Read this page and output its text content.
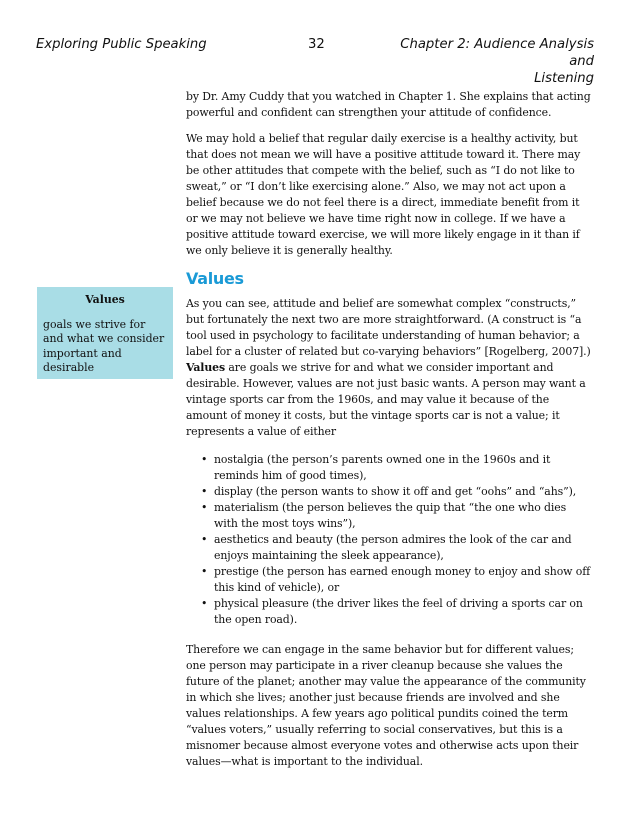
Exploring Public Speaking	32	Chapter 2: Audience Analysis and
Listening
Values
goals we strive for and what we consider important and desirable

by Dr. Amy Cuddy that you watched in Chapter 1. She explains that acting powerful and confident can strengthen your attitude of confidence.

We may hold a belief that regular daily exercise is a healthy activity, but that does not mean we will have a positive attitude toward it. There may be other attitudes that compete with the belief, such as “I do not like to sweat,” or “I don’t like exercising alone.” Also, we may not act upon a belief because we do not feel there is a direct, immediate benefit from it or we may not believe we have time right now in college. If we have a positive attitude toward exercise, we will more likely engage in it than if we only believe it is generally healthy.

Values

As you can see, attitude and belief are somewhat complex “constructs,” but fortunately the next two are more straightforward. (A construct is “a tool used in psychology to facilitate understanding of human behavior; a label for a cluster of related but co-varying behaviors” [Rogelberg, 2007].) Values are goals we strive for and what we consider important and desirable. However, values are not just basic wants. A person may want a vintage sports car from the 1960s, and may value it because of the amount of money it costs, but the vintage sports car is not a value; it represents a value of either

• nostalgia (the person’s parents owned one in the 1960s and it reminds him of good times),
• display (the person wants to show it off and get “oohs” and “ahs”),
• materialism (the person believes the quip that “the one who dies with the most toys wins”),
• aesthetics and beauty (the person admires the look of the car and enjoys maintaining the sleek appearance),
• prestige (the person has earned enough money to enjoy and show off this kind of vehicle), or
• physical pleasure (the driver likes the feel of driving a sports car on the open road).

Therefore we can engage in the same behavior but for different values; one person may participate in a river cleanup because she values the future of the planet; another may value the appearance of the community in which she lives; another just because friends are involved and she values relationships. A few years ago political pundits coined the term “values voters,” usually referring to social conservatives, but this is a misnomer because almost everyone votes and otherwise acts upon their values—what is important to the individual.
